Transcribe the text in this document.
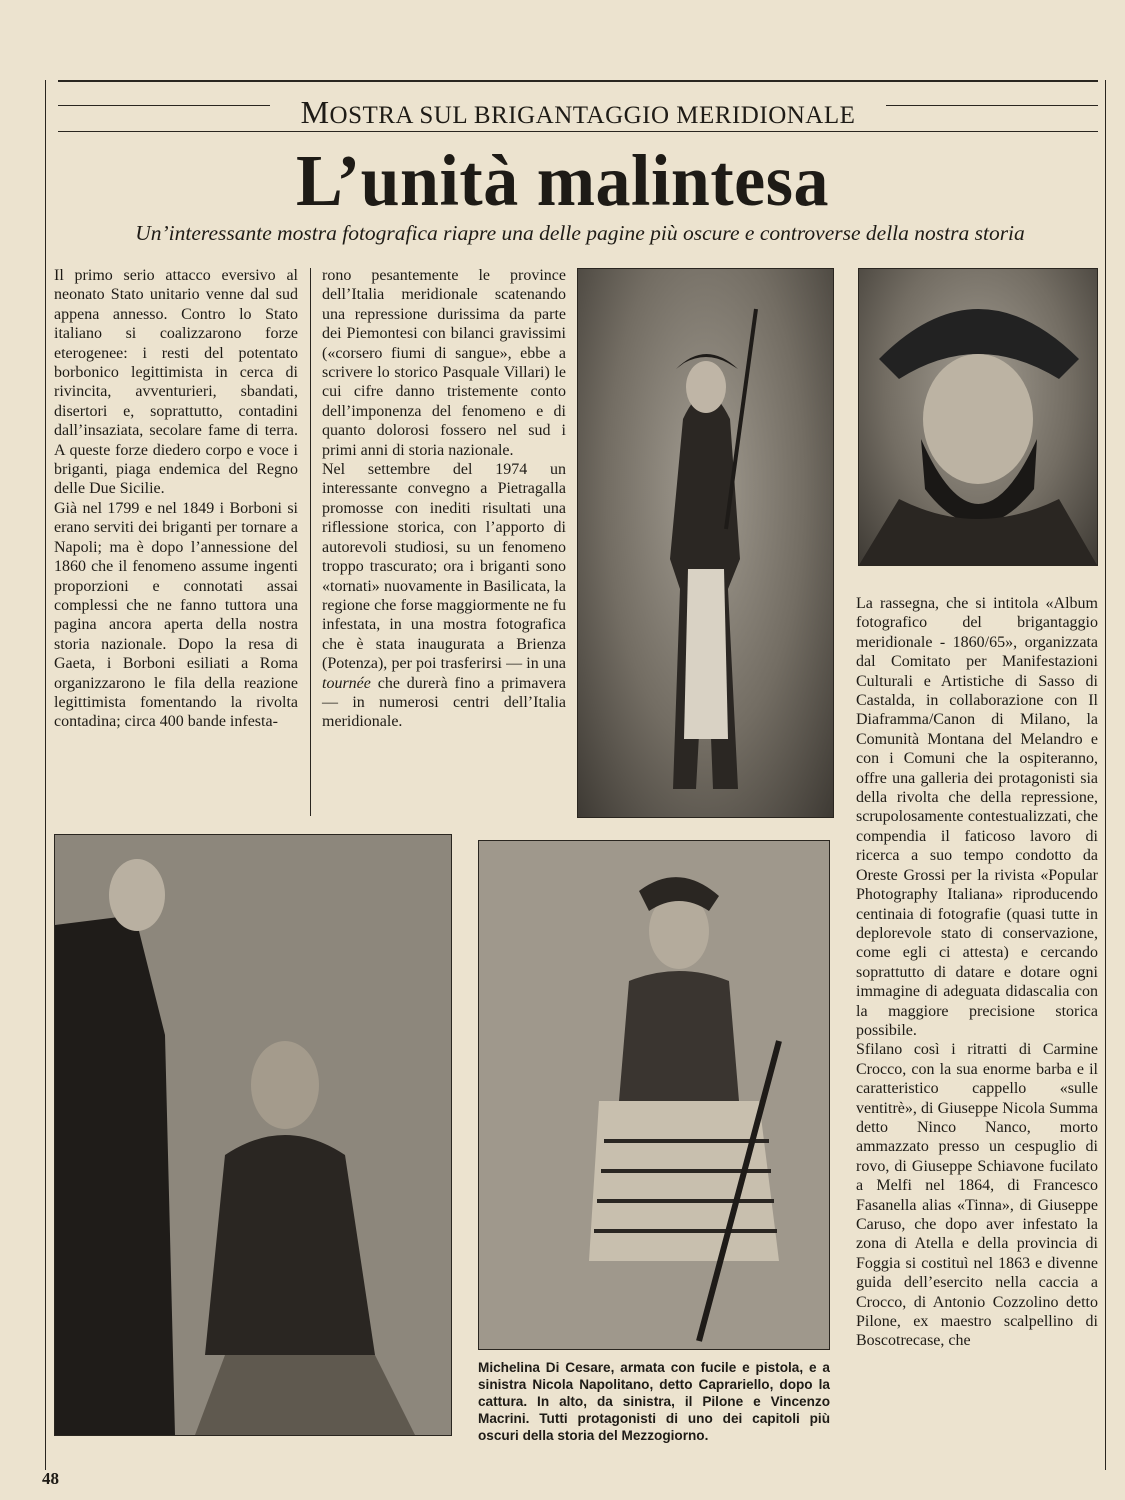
MOSTRA SUL BRIGANTAGGIO MERIDIONALE
L’unità malintesa
Un’interessante mostra fotografica riapre una delle pagine più oscure e controverse della nostra storia

Il primo serio attacco eversivo al neonato Stato unitario venne dal sud appena annesso. Contro lo Stato italiano si coalizzarono forze eterogenee: i resti del potentato borbonico legittimista in cerca di rivincita, avventurieri, sbandati, disertori e, soprattutto, contadini dall’insaziata, secolare fame di terra. A queste forze diedero corpo e voce i briganti, piaga endemica del Regno delle Due Sicilie.

Già nel 1799 e nel 1849 i Borboni si erano serviti dei briganti per tornare a Napoli; ma è dopo l’annessione del 1860 che il fenomeno assume ingenti proporzioni e connotati assai complessi che ne fanno tuttora una pagina ancora aperta della nostra storia nazionale. Dopo la resa di Gaeta, i Borboni esiliati a Roma organizzarono le fila della reazione legittimista fomentando la rivolta contadina; circa 400 bande infesta-

rono pesantemente le province dell’Italia meridionale scatenando una repressione durissima da parte dei Piemontesi con bilanci gravissimi («corsero fiumi di sangue», ebbe a scrivere lo storico Pasquale Villari) le cui cifre danno tristemente conto dell’imponenza del fenomeno e di quanto dolorosi fossero nel sud i primi anni di storia nazionale.

Nel settembre del 1974 un interessante convegno a Pietragalla promosse con inediti risultati una riflessione storica, con l’apporto di autorevoli studiosi, su un fenomeno troppo trascurato; ora i briganti sono «tornati» nuovamente in Basilicata, la regione che forse maggiormente ne fu infestata, in una mostra fotografica che è stata inaugurata a Brienza (Potenza), per poi trasferirsi — in una tournée che durerà fino a primavera — in numerosi centri dell’Italia meridionale.

La rassegna, che si intitola «Album fotografico del brigantaggio meridionale - 1860/65», organizzata dal Comitato per Manifestazioni Culturali e Artistiche di Sasso di Castalda, in collaborazione con Il Diaframma/Canon di Milano, la Comunità Montana del Melandro e con i Comuni che la ospiteranno, offre una galleria dei protagonisti sia della rivolta che della repressione, scrupolosamente contestualizzati, che compendia il faticoso lavoro di ricerca a suo tempo condotto da Oreste Grossi per la rivista «Popular Photography Italiana» riproducendo centinaia di fotografie (quasi tutte in deplorevole stato di conservazione, come egli ci attesta) e cercando soprattutto di datare e dotare ogni immagine di adeguata didascalia con la maggiore precisione storica possibile.

Sfilano così i ritratti di Carmine Crocco, con la sua enorme barba e il caratteristico cappello «sulle ventitrè», di Giuseppe Nicola Summa detto Ninco Nanco, morto ammazzato presso un cespuglio di rovo, di Giuseppe Schiavone fucilato a Melfi nel 1864, di Francesco Fasanella alias «Tinna», di Giuseppe Caruso, che dopo aver infestato la zona di Atella e della provincia di Foggia si costituì nel 1863 e divenne guida dell’esercito nella caccia a Crocco, di Antonio Cozzolino detto Pilone, ex maestro scalpellino di Boscotrecase, che

Michelina Di Cesare, armata con fucile e pistola, e a sinistra Nicola Napolitano, detto Caprariello, dopo la cattura. In alto, da sinistra, il Pilone e Vincenzo Macrini. Tutti protagonisti di uno dei capitoli più oscuri della storia del Mezzogiorno.
48
